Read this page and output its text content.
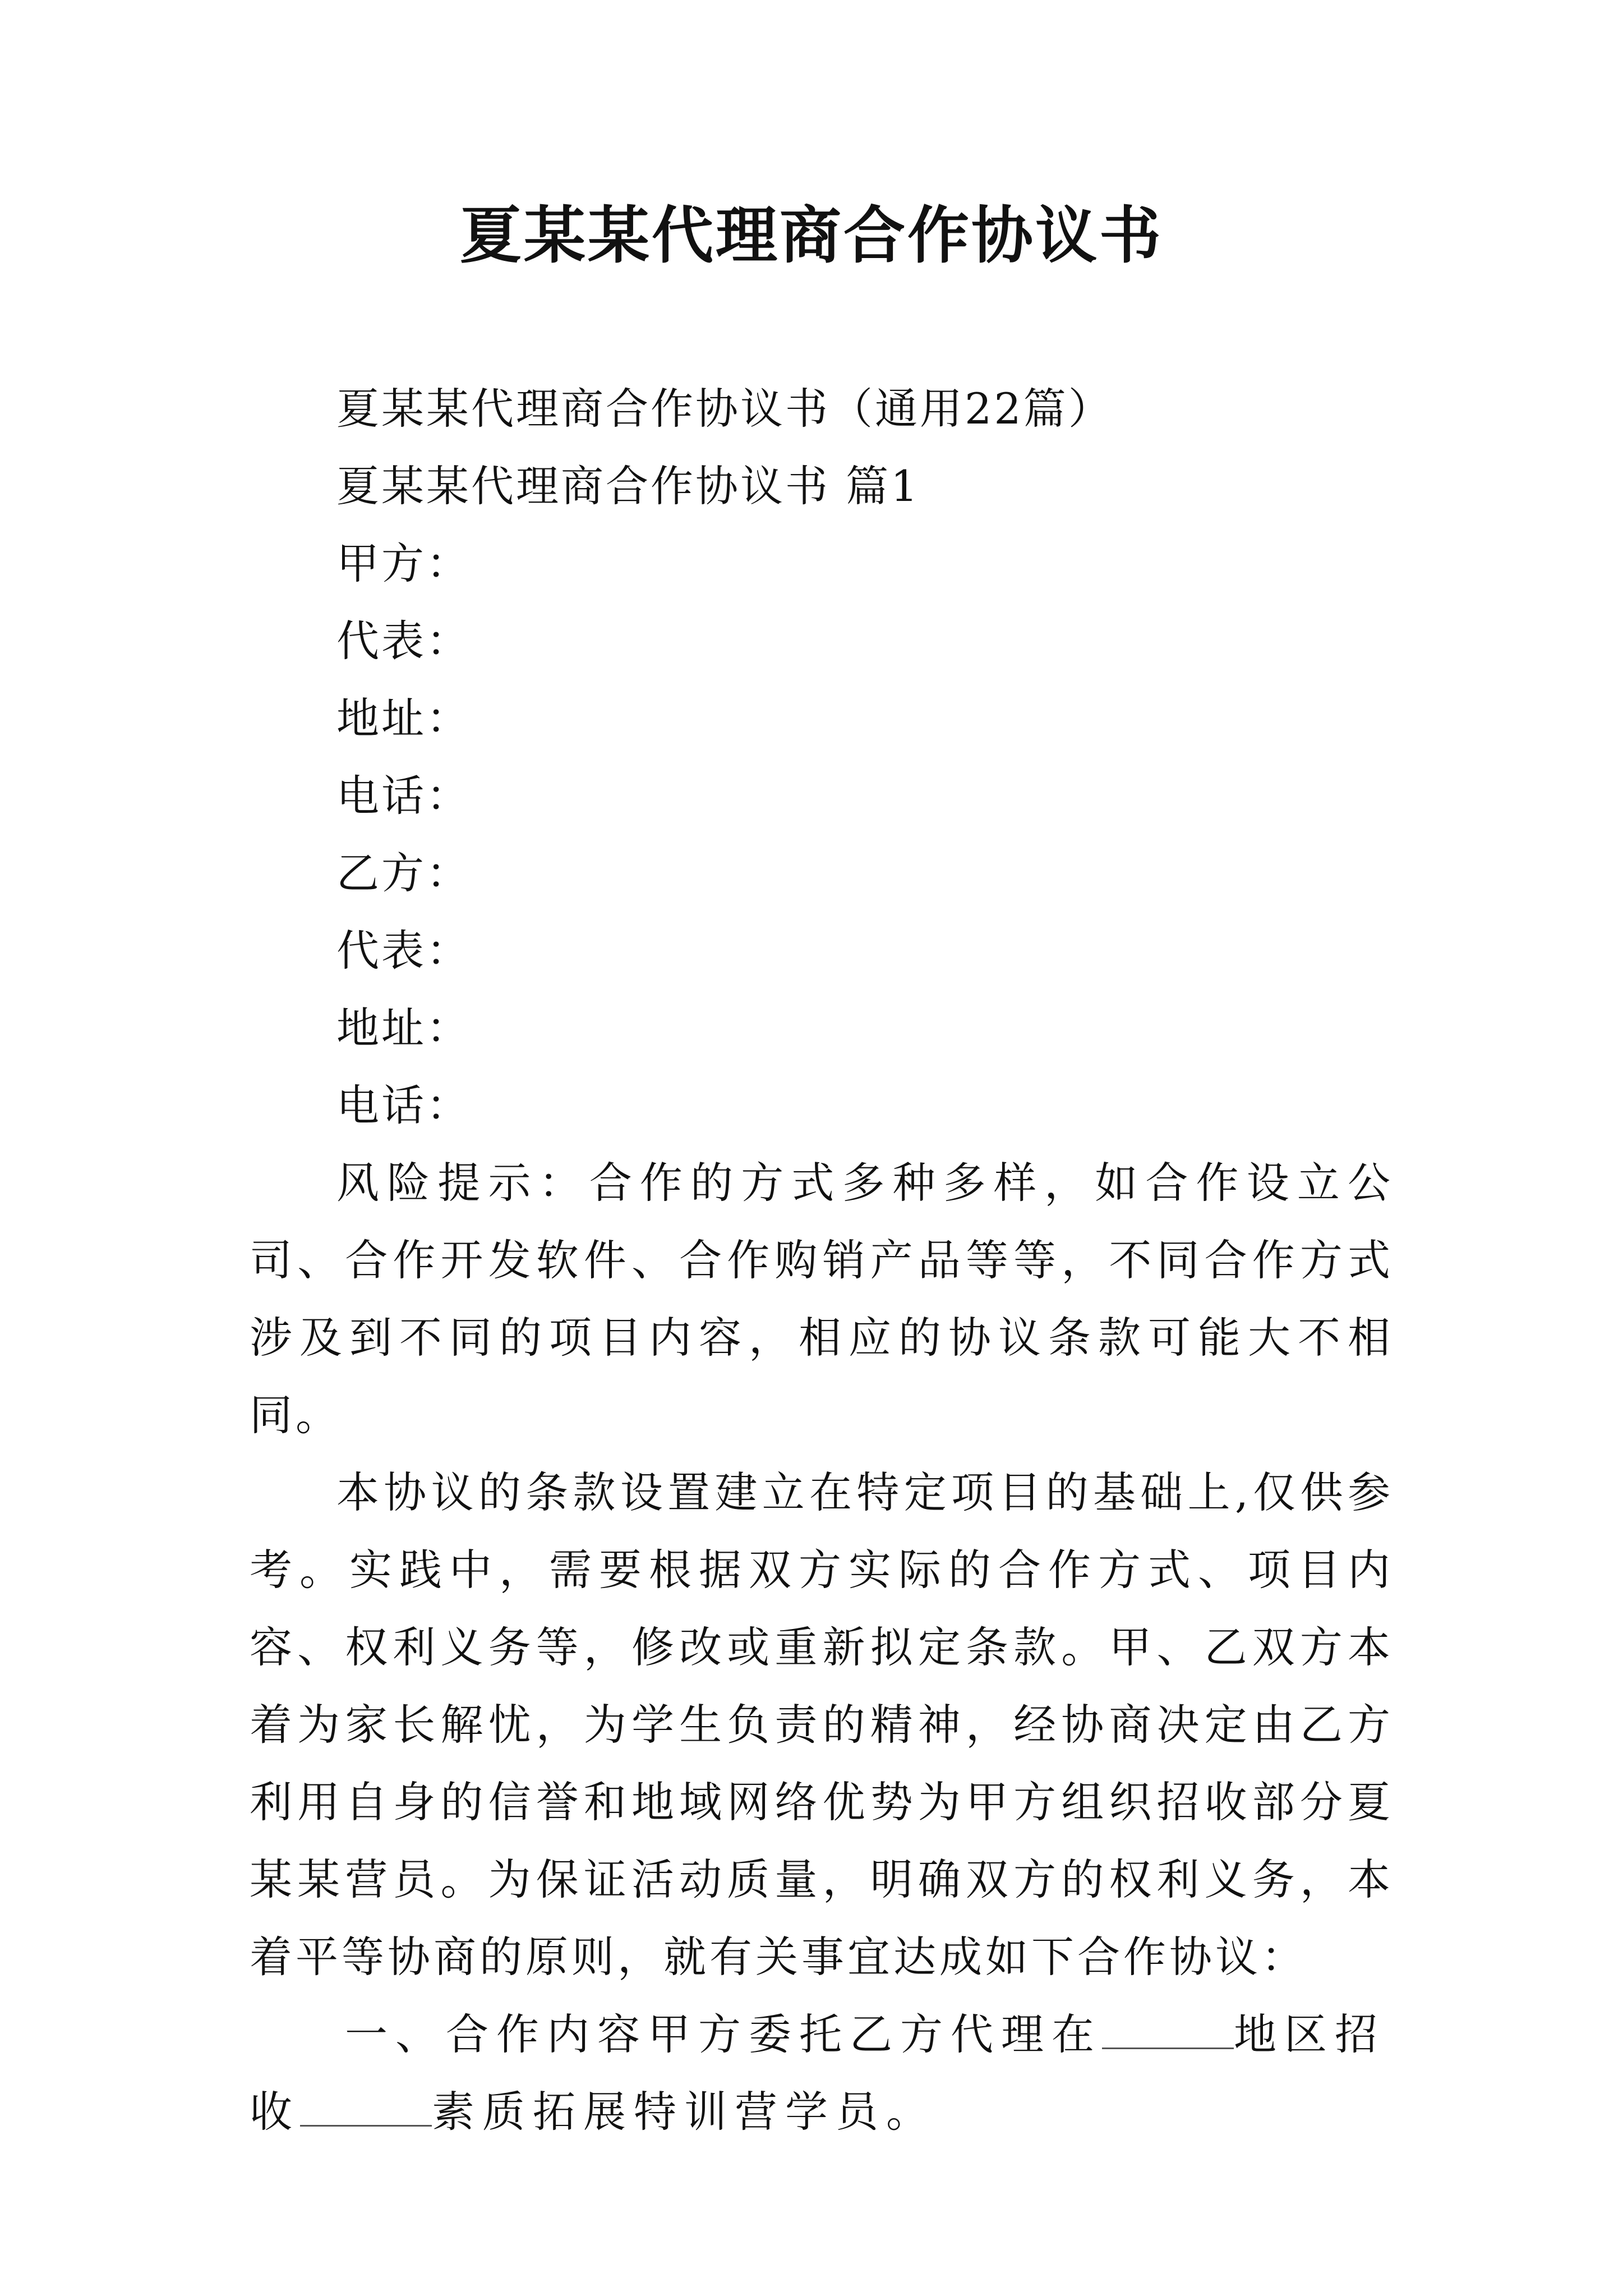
夏某某代理商合作协议书

夏某某代理商合作协议书（通用22篇）

夏某某代理商合作协议书 篇1

甲方：

代表：

地址：

电话：

乙方：

代表：

地址：

电话：

风险提示：合作的方式多种多样，如合作设立公司、合作开发软件、合作购销产品等等，不同合作方式涉及到不同的项目内容，相应的协议条款可能大不相同。

本协议的条款设置建立在特定项目的基础上,仅供参考。实践中，需要根据双方实际的合作方式、项目内容、权利义务等，修改或重新拟定条款。甲、乙双方本着为家长解忧，为学生负责的精神，经协商决定由乙方利用自身的信誉和地域网络优势为甲方组织招收部分夏某某营员。为保证活动质量，明确双方的权利义务，本着平等协商的原则，就有关事宜达成如下合作协议：

一、合作内容甲方委托乙方代理在	地区招收	素质拓展特训营学员。
